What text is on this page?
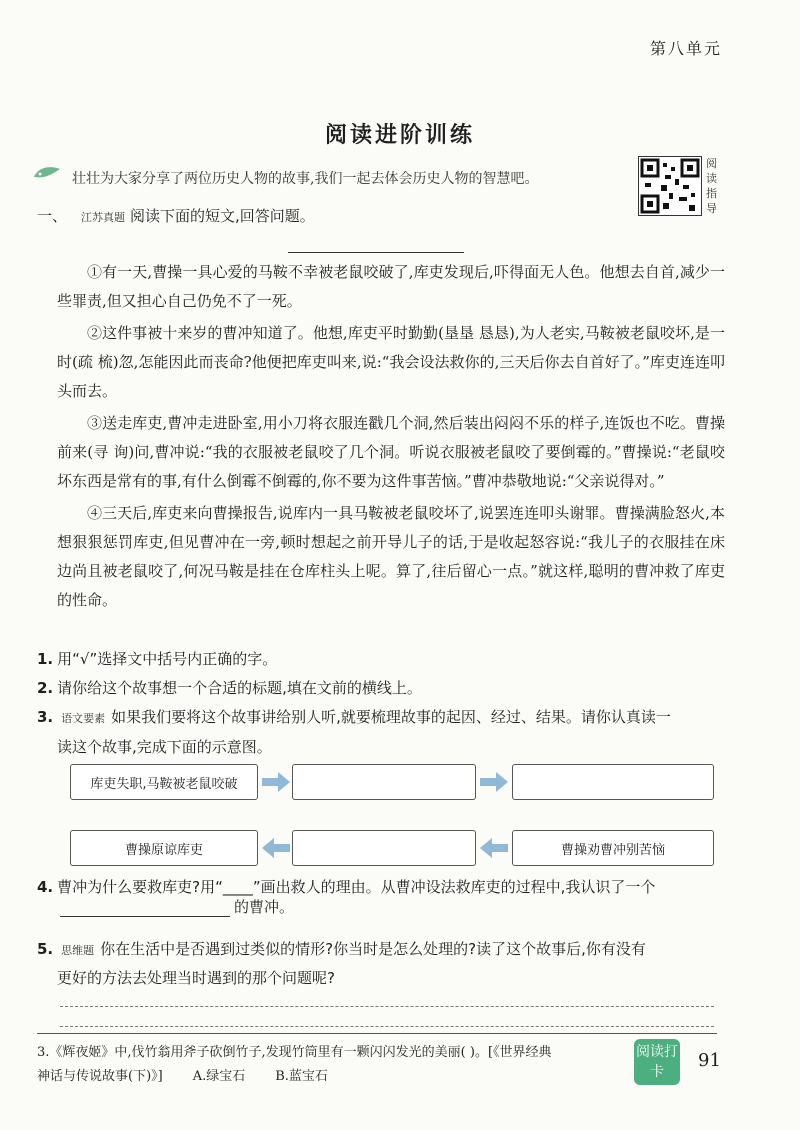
第八单元
阅读进阶训练
壮壮为大家分享了两位历史人物的故事,我们一起去体会历史人物的智慧吧。
阅读指导
一、 江苏真题 阅读下面的短文,回答问题。

①有一天,曹操一具心爱的马鞍不幸被老鼠咬破了,库吏发现后,吓得面无人色。他想去自首,减少一些罪责,但又担心自己仍免不了一死。

②这件事被十来岁的曹冲知道了。他想,库吏平时勤勤(垦垦 恳恳),为人老实,马鞍被老鼠咬坏,是一时(疏 梳)忽,怎能因此而丧命?他便把库吏叫来,说:“我会设法救你的,三天后你去自首好了。”库吏连连叩头而去。

③送走库吏,曹冲走进卧室,用小刀将衣服连戳几个洞,然后装出闷闷不乐的样子,连饭也不吃。曹操前来(寻 询)问,曹冲说:“我的衣服被老鼠咬了几个洞。听说衣服被老鼠咬了要倒霉的。”曹操说:“老鼠咬坏东西是常有的事,有什么倒霉不倒霉的,你不要为这件事苦恼。”曹冲恭敬地说:“父亲说得对。”

④三天后,库吏来向曹操报告,说库内一具马鞍被老鼠咬坏了,说罢连连叩头谢罪。曹操满脸怒火,本想狠狠惩罚库吏,但见曹冲在一旁,顿时想起之前开导儿子的话,于是收起怒容说:“我儿子的衣服挂在床边尚且被老鼠咬了,何况马鞍是挂在仓库柱头上呢。算了,往后留心一点。”就这样,聪明的曹冲救了库吏的性命。

1. 用“√”选择文中括号内正确的字。
2. 请你给这个故事想一个合适的标题,填在文前的横线上。
3. 语文要素 如果我们要将这个故事讲给别人听,就要梳理故事的起因、经过、结果。请你认真读一
读这个故事,完成下面的示意图。
库吏失职,马鞍被老鼠咬破
曹操劝曹冲别苦恼
曹操原谅库吏
4. 曹冲为什么要救库吏?用“____”画出救人的理由。从曹冲设法救库吏的过程中,我认识了一个
的曹冲。
5. 思维题 你在生活中是否遇到过类似的情形?你当时是怎么处理的?读了这个故事后,你有没有
更好的方法去处理当时遇到的那个问题呢?
3.《辉夜姬》中,伐竹翁用斧子砍倒竹子,发现竹筒里有一颗闪闪发光的美丽( )。[《世界经典
神话与传说故事(下)》] A.绿宝石 B.蓝宝石
阅读打卡
91
